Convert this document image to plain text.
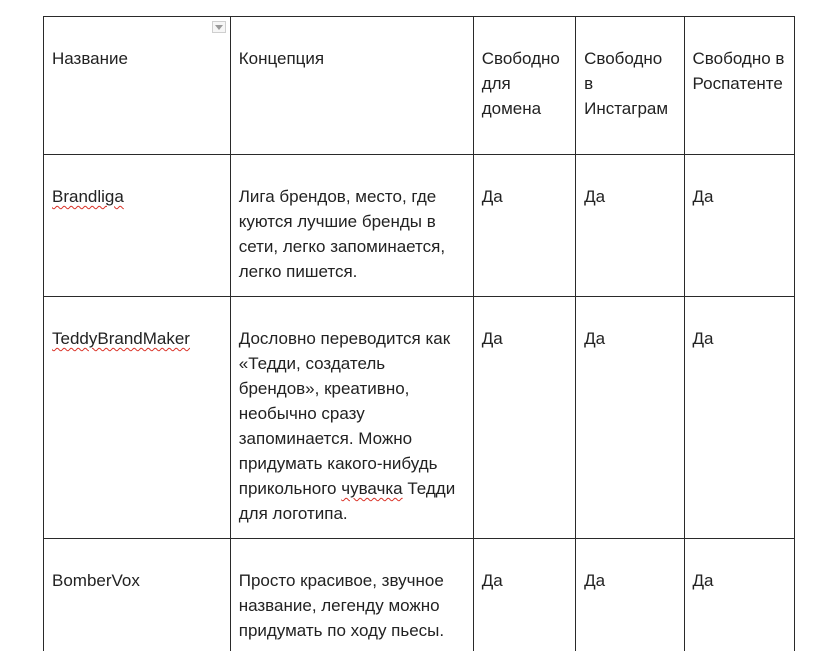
Название	Концепция	Свободно для домена	Свободно в Инстаграм	Свободно в Роспатенте
Brandliga	Лига брендов, место, где куются лучшие бренды в сети, легко запоминается, легко пишется.	Да	Да	Да
TeddyBrandMaker	Дословно переводится как «Тедди, создатель брендов», креативно, необычно сразу запоминается. Можно придумать какого-нибудь прикольного чувачка Тедди для логотипа.	Да	Да	Да
BomberVox	Просто красивое, звучное название, легенду можно придумать по ходу пьесы.	Да	Да	Да
